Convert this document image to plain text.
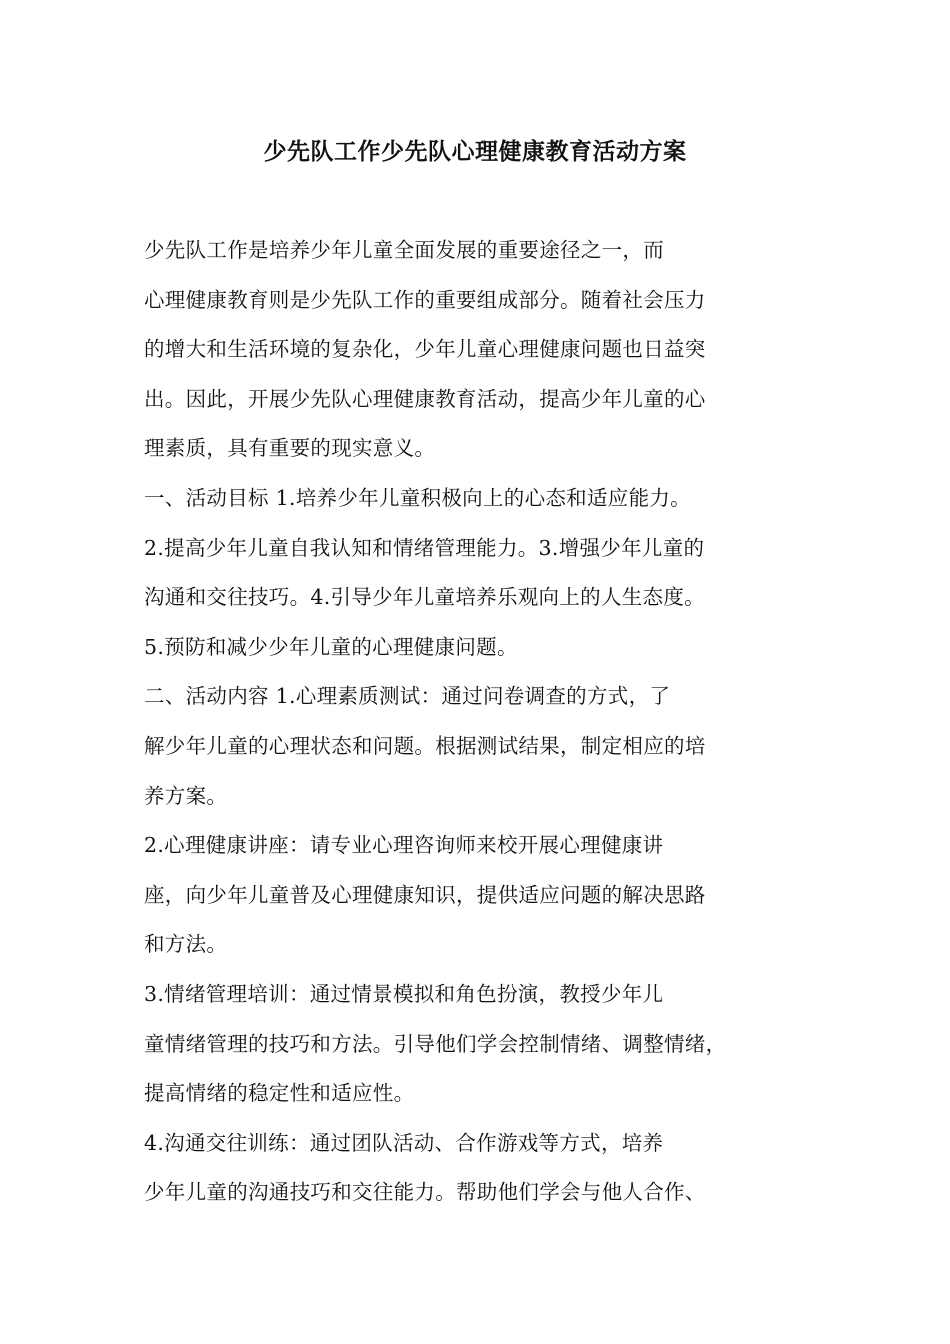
少先队工作少先队心理健康教育活动方案
少先队工作是培养少年儿童全面发展的重要途径之一，而
心理健康教育则是少先队工作的重要组成部分。随着社会压力
的增大和生活环境的复杂化，少年儿童心理健康问题也日益突
出。因此，开展少先队心理健康教育活动，提高少年儿童的心
理素质，具有重要的现实意义。
一、活动目标 1.培养少年儿童积极向上的心态和适应能力。
2.提高少年儿童自我认知和情绪管理能力。3.增强少年儿童的
沟通和交往技巧。4.引导少年儿童培养乐观向上的人生态度。
5.预防和减少少年儿童的心理健康问题。
二、活动内容 1.心理素质测试：通过问卷调查的方式，了
解少年儿童的心理状态和问题。根据测试结果，制定相应的培
养方案。
2.心理健康讲座：请专业心理咨询师来校开展心理健康讲
座，向少年儿童普及心理健康知识，提供适应问题的解决思路
和方法。
3.情绪管理培训：通过情景模拟和角色扮演，教授少年儿
童情绪管理的技巧和方法。引导他们学会控制情绪、调整情绪，
提高情绪的稳定性和适应性。
4.沟通交往训练：通过团队活动、合作游戏等方式，培养
少年儿童的沟通技巧和交往能力。帮助他们学会与他人合作、
